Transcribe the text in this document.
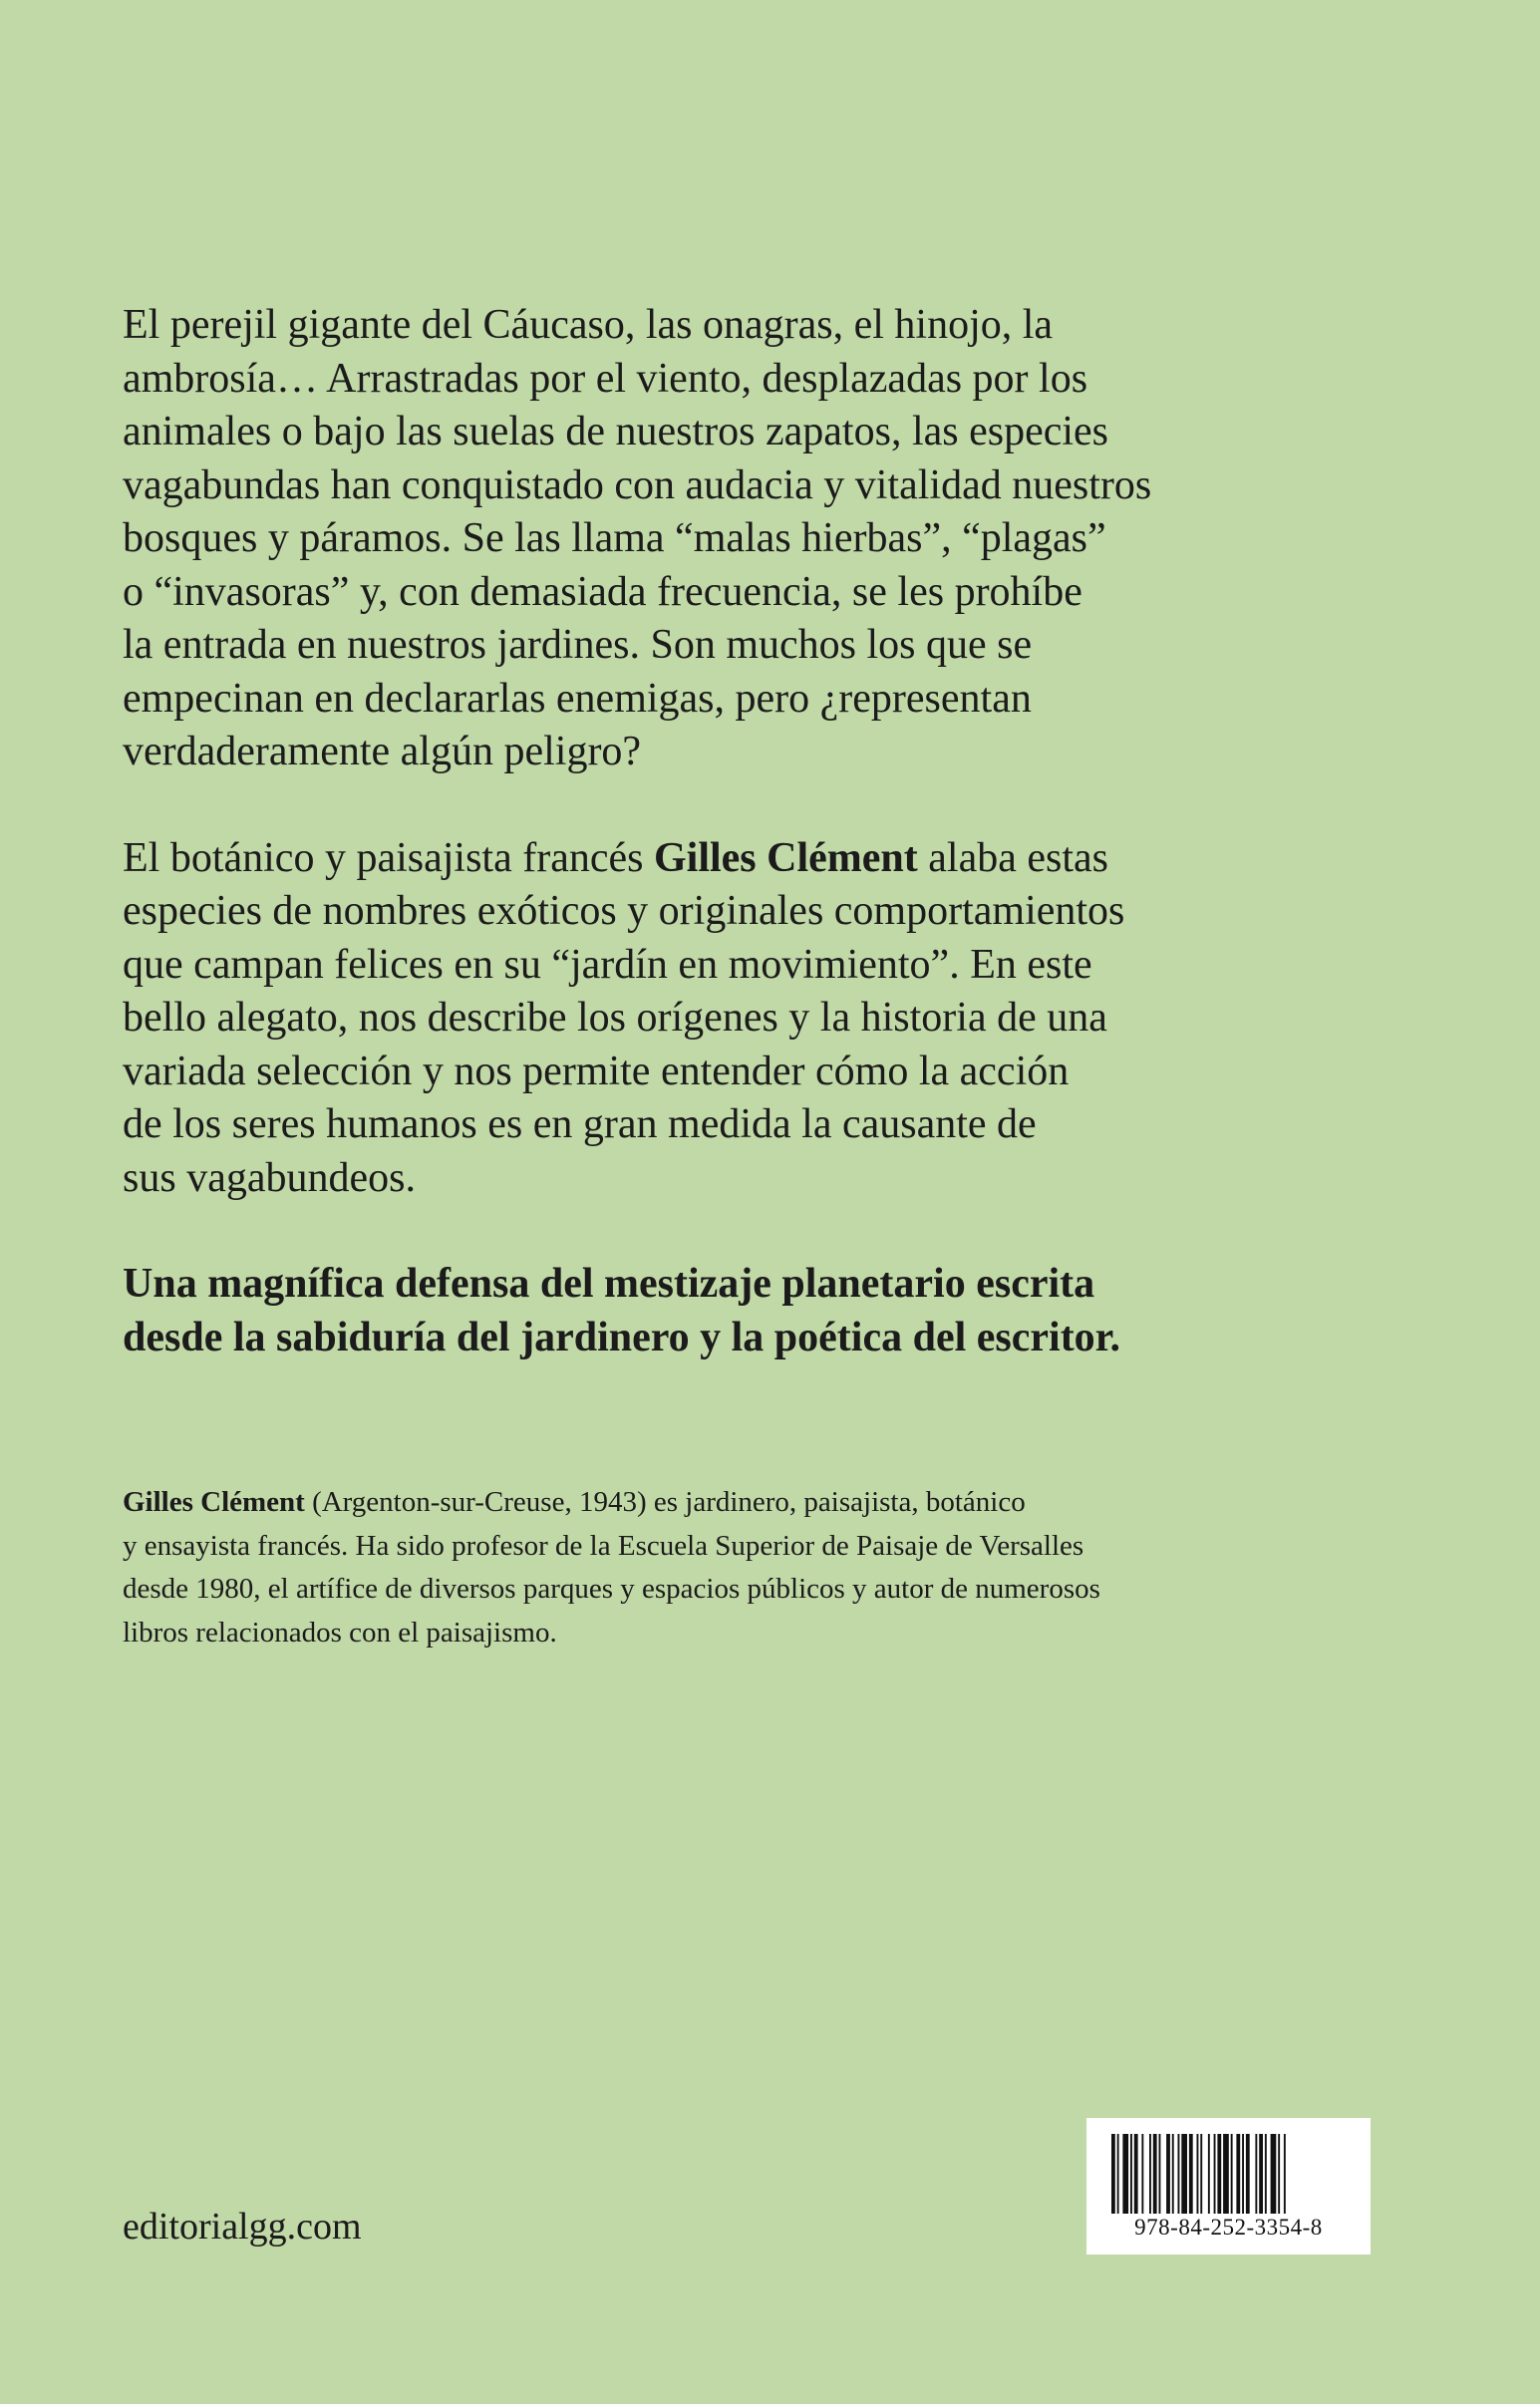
El perejil gigante del Cáucaso, las onagras, el hinojo, la
ambrosía… Arrastradas por el viento, desplazadas por los
animales o bajo las suelas de nuestros zapatos, las especies
vagabundas han conquistado con audacia y vitalidad nuestros
bosques y páramos. Se las llama “malas hierbas”, “plagas”
o “invasoras” y, con demasiada frecuencia, se les prohíbe
la entrada en nuestros jardines. Son muchos los que se
empecinan en declararlas enemigas, pero ¿representan
verdaderamente algún peligro?

El botánico y paisajista francés Gilles Clément alaba estas
especies de nombres exóticos y originales comportamientos
que campan felices en su “jardín en movimiento”. En este
bello alegato, nos describe los orígenes y la historia de una
variada selección y nos permite entender cómo la acción
de los seres humanos es en gran medida la causante de
sus vagabundeos.

Una magnífica defensa del mestizaje planetario escrita
desde la sabiduría del jardinero y la poética del escritor.

Gilles Clément (Argenton-sur-Creuse, 1943) es jardinero, paisajista, botánico
y ensayista francés. Ha sido profesor de la Escuela Superior de Paisaje de Versalles
desde 1980, el artífice de diversos parques y espacios públicos y autor de numerosos
libros relacionados con el paisajismo.

editorialgg.com	978-84-252-3354-8
